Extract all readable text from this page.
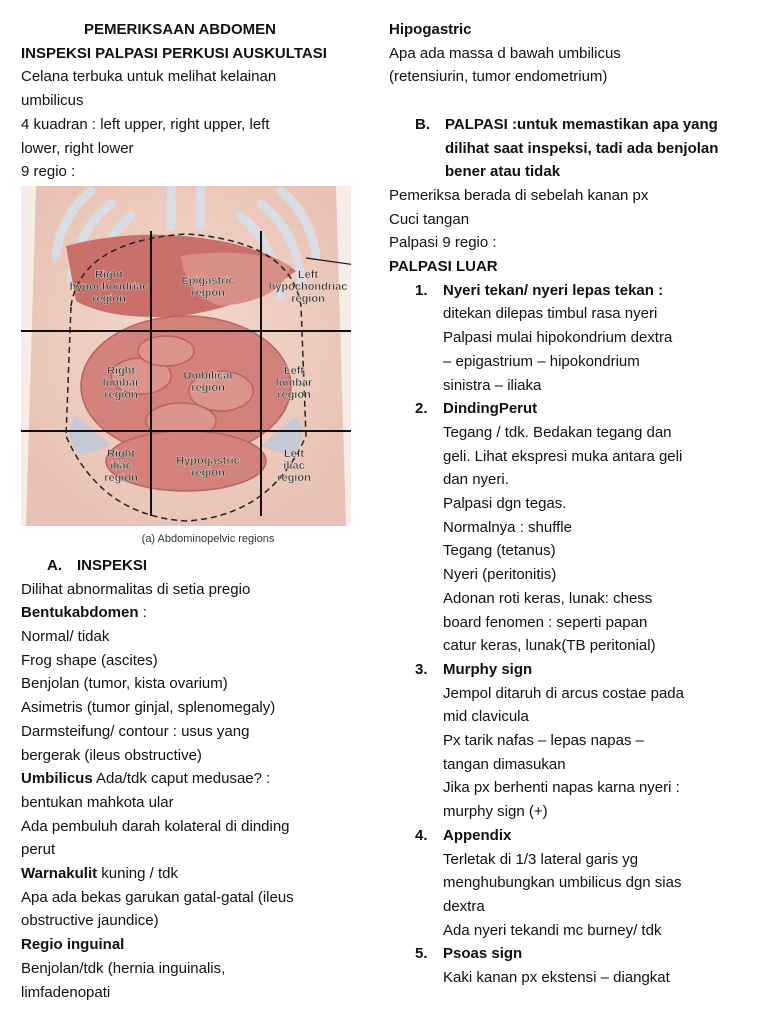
PEMERIKSAAN ABDOMEN
INSPEKSI PALPASI PERKUSI AUSKULTASI
Celana terbuka untuk melihat kelainan
umbilicus
4 kuadran : left upper, right upper, left
lower, right lower
9 regio :
Right hypochondriac region
Epigastric region
Left hypochondriac region
Right lumbar region
Umbilical region
Left lumbar region
Right iliac region
Hypogastric region
Left iliac region
(a) Abdominopelvic regions
A. INSPEKSI
Dilihat abnormalitas di setia pregio
Bentukabdomen :
Normal/ tidak
Frog shape (ascites)
Benjolan (tumor, kista ovarium)
Asimetris (tumor ginjal, splenomegaly)
Darmsteifung/ contour : usus yang
bergerak (ileus obstructive)
Umbilicus Ada/tdk caput medusae? :
bentukan mahkota ular
Ada pembuluh darah kolateral di dinding
perut
Warnakulit kuning / tdk
Apa ada bekas garukan gatal-gatal (ileus
obstructive jaundice)
Regio inguinal
Benjolan/tdk (hernia inguinalis,
limfadenopati
Hipogastric
Apa ada massa d bawah umbilicus
(retensiurin, tumor endometrium)
B. PALPASI :untuk memastikan apa yang dilihat saat inspeksi, tadi ada benjolan bener atau tidak
Pemeriksa berada di sebelah kanan px
Cuci tangan
Palpasi 9 regio :
PALPASI LUAR
1. Nyeri tekan/ nyeri lepas tekan :
ditekan dilepas timbul rasa nyeri
Palpasi mulai hipokondrium dextra
– epigastrium – hipokondrium
sinistra – iliaka
2. DindingPerut
Tegang / tdk. Bedakan tegang dan
geli. Lihat ekspresi muka antara geli
dan nyeri.
Palpasi dgn tegas.
Normalnya : shuffle
Tegang (tetanus)
Nyeri (peritonitis)
Adonan roti keras, lunak: chess
board fenomen : seperti papan
catur keras, lunak(TB peritonial)
3. Murphy sign
Jempol ditaruh di arcus costae pada
mid clavicula
Px tarik nafas – lepas napas –
tangan dimasukan
Jika px berhenti napas karna nyeri :
murphy sign (+)
4. Appendix
Terletak di 1/3 lateral garis yg
menghubungkan umbilicus dgn sias
dextra
Ada nyeri tekandi mc burney/ tdk
5. Psoas sign
Kaki kanan px ekstensi – diangkat
